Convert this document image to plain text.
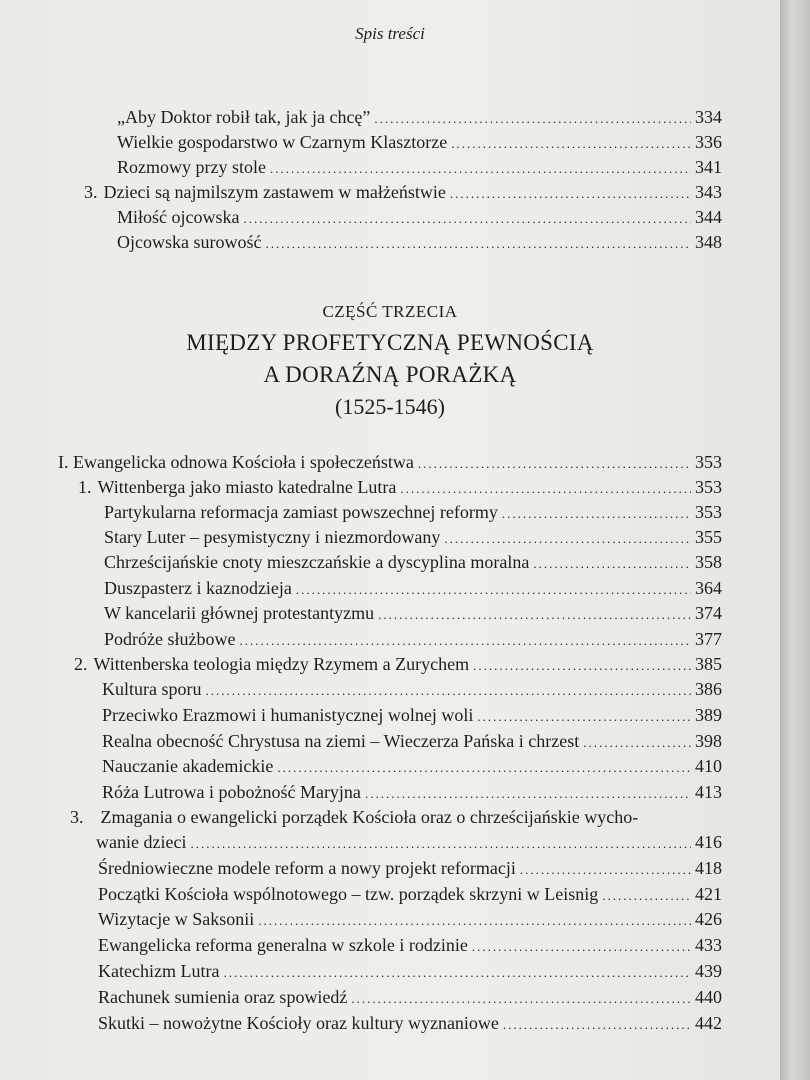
Spis treści
„Aby Doktor robił tak, jak ja chcę” .....	334
Wielkie gospodarstwo w Czarnym Klasztorze .....	336
Rozmowy przy stole .....	341
3. Dzieci są najmilszym zastawem w małżeństwie .....	343
Miłość ojcowska .....	344
Ojcowska surowość .....	348
CZĘŚĆ TRZECIA
MIĘDZY PROFETYCZNĄ PEWNOŚCIĄ
A DORAŹNĄ PORAŻKĄ
(1525-1546)
I. Ewangelicka odnowa Kościoła i społeczeństwa .....	353
1. Wittenberga jako miasto katedralne Lutra .....	353
Partykularna reformacja zamiast powszechnej reformy .....	353
Stary Luter – pesymistyczny i niezmordowany .....	355
Chrześcijańskie cnoty mieszczańskie a dyscyplina moralna .....	358
Duszpasterz i kaznodzieja .....	364
W kancelarii głównej protestantyzmu .....	374
Podróże służbowe .....	377
2. Wittenberska teologia między Rzymem a Zurychem .....	385
Kultura sporu .....	386
Przeciwko Erazmowi i humanistycznej wolnej woli .....	389
Realna obecność Chrystusa na ziemi – Wieczerza Pańska i chrzest .....	398
Nauczanie akademickie .....	410
Róża Lutrowa i pobożność Maryjna .....	413
3. Zmagania o ewangelicki porządek Kościoła oraz o chrześcijańskie wycho-
wanie dzieci .....	416
Średniowieczne modele reform a nowy projekt reformacji .....	418
Początki Kościoła wspólnotowego – tzw. porządek skrzyni w Leisnig .....	421
Wizytacje w Saksonii .....	426
Ewangelicka reforma generalna w szkole i rodzinie .....	433
Katechizm Lutra .....	439
Rachunek sumienia oraz spowiedź .....	440
Skutki – nowożytne Kościoły oraz kultury wyznaniowe .....	442
